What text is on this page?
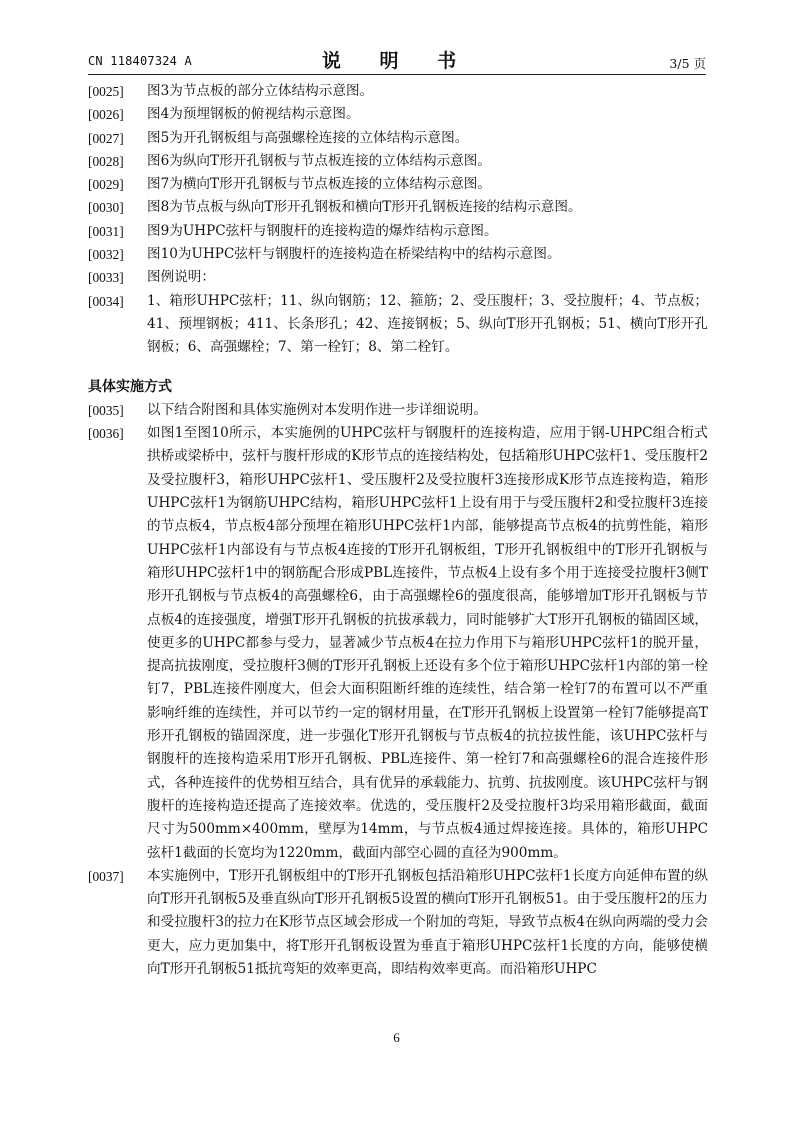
CN 118407324 A	说 明 书	3/5 页
[0025]	图3为节点板的部分立体结构示意图。
[0026]	图4为预埋钢板的俯视结构示意图。
[0027]	图5为开孔钢板组与高强螺栓连接的立体结构示意图。
[0028]	图6为纵向T形开孔钢板与节点板连接的立体结构示意图。
[0029]	图7为横向T形开孔钢板与节点板连接的立体结构示意图。
[0030]	图8为节点板与纵向T形开孔钢板和横向T形开孔钢板连接的结构示意图。
[0031]	图9为UHPC弦杆与钢腹杆的连接构造的爆炸结构示意图。
[0032]	图10为UHPC弦杆与钢腹杆的连接构造在桥梁结构中的结构示意图。
[0033]	图例说明：
[0034]	1、箱形UHPC弦杆；11、纵向钢筋；12、箍筋；2、受压腹杆；3、受拉腹杆；4、节点板；41、预埋钢板；411、长条形孔；42、连接钢板；5、纵向T形开孔钢板；51、横向T形开孔钢板；6、高强螺栓；7、第一栓钉；8、第二栓钉。
具体实施方式
[0035]	以下结合附图和具体实施例对本发明作进一步详细说明。
[0036]	如图1至图10所示，本实施例的UHPC弦杆与钢腹杆的连接构造，应用于钢-UHPC组合桁式拱桥或梁桥中，弦杆与腹杆形成的K形节点的连接结构处，包括箱形UHPC弦杆1、受压腹杆2及受拉腹杆3，箱形UHPC弦杆1、受压腹杆2及受拉腹杆3连接形成K形节点连接构造，箱形UHPC弦杆1为钢筋UHPC结构，箱形UHPC弦杆1上设有用于与受压腹杆2和受拉腹杆3连接的节点板4，节点板4部分预埋在箱形UHPC弦杆1内部，能够提高节点板4的抗剪性能，箱形UHPC弦杆1内部设有与节点板4连接的T形开孔钢板组，T形开孔钢板组中的T形开孔钢板与箱形UHPC弦杆1中的钢筋配合形成PBL连接件，节点板4上设有多个用于连接受拉腹杆3侧T形开孔钢板与节点板4的高强螺栓6，由于高强螺栓6的强度很高，能够增加T形开孔钢板与节点板4的连接强度，增强T形开孔钢板的抗拔承载力，同时能够扩大T形开孔钢板的锚固区域，使更多的UHPC都参与受力，显著减少节点板4在拉力作用下与箱形UHPC弦杆1的脱开量，提高抗拔刚度，受拉腹杆3侧的T形开孔钢板上还设有多个位于箱形UHPC弦杆1内部的第一栓钉7，PBL连接件刚度大，但会大面积阻断纤维的连续性，结合第一栓钉7的布置可以不严重影响纤维的连续性，并可以节约一定的钢材用量，在T形开孔钢板上设置第一栓钉7能够提高T形开孔钢板的锚固深度，进一步强化T形开孔钢板与节点板4的抗拉拔性能，该UHPC弦杆与钢腹杆的连接构造采用T形开孔钢板、PBL连接件、第一栓钉7和高强螺栓6的混合连接件形式，各种连接件的优势相互结合，具有优异的承载能力、抗剪、抗拔刚度。该UHPC弦杆与钢腹杆的连接构造还提高了连接效率。优选的，受压腹杆2及受拉腹杆3均采用箱形截面，截面尺寸为500mm×400mm，壁厚为14mm，与节点板4通过焊接连接。具体的，箱形UHPC弦杆1截面的长宽均为1220mm，截面内部空心圆的直径为900mm。
[0037]	本实施例中，T形开孔钢板组中的T形开孔钢板包括沿箱形UHPC弦杆1长度方向延伸布置的纵向T形开孔钢板5及垂直纵向T形开孔钢板5设置的横向T形开孔钢板51。由于受压腹杆2的压力和受拉腹杆3的拉力在K形节点区域会形成一个附加的弯矩，导致节点板4在纵向两端的受力会更大，应力更加集中，将T形开孔钢板设置为垂直于箱形UHPC弦杆1长度的方向，能够使横向T形开孔钢板51抵抗弯矩的效率更高，即结构效率更高。而沿箱形UHPC
6
